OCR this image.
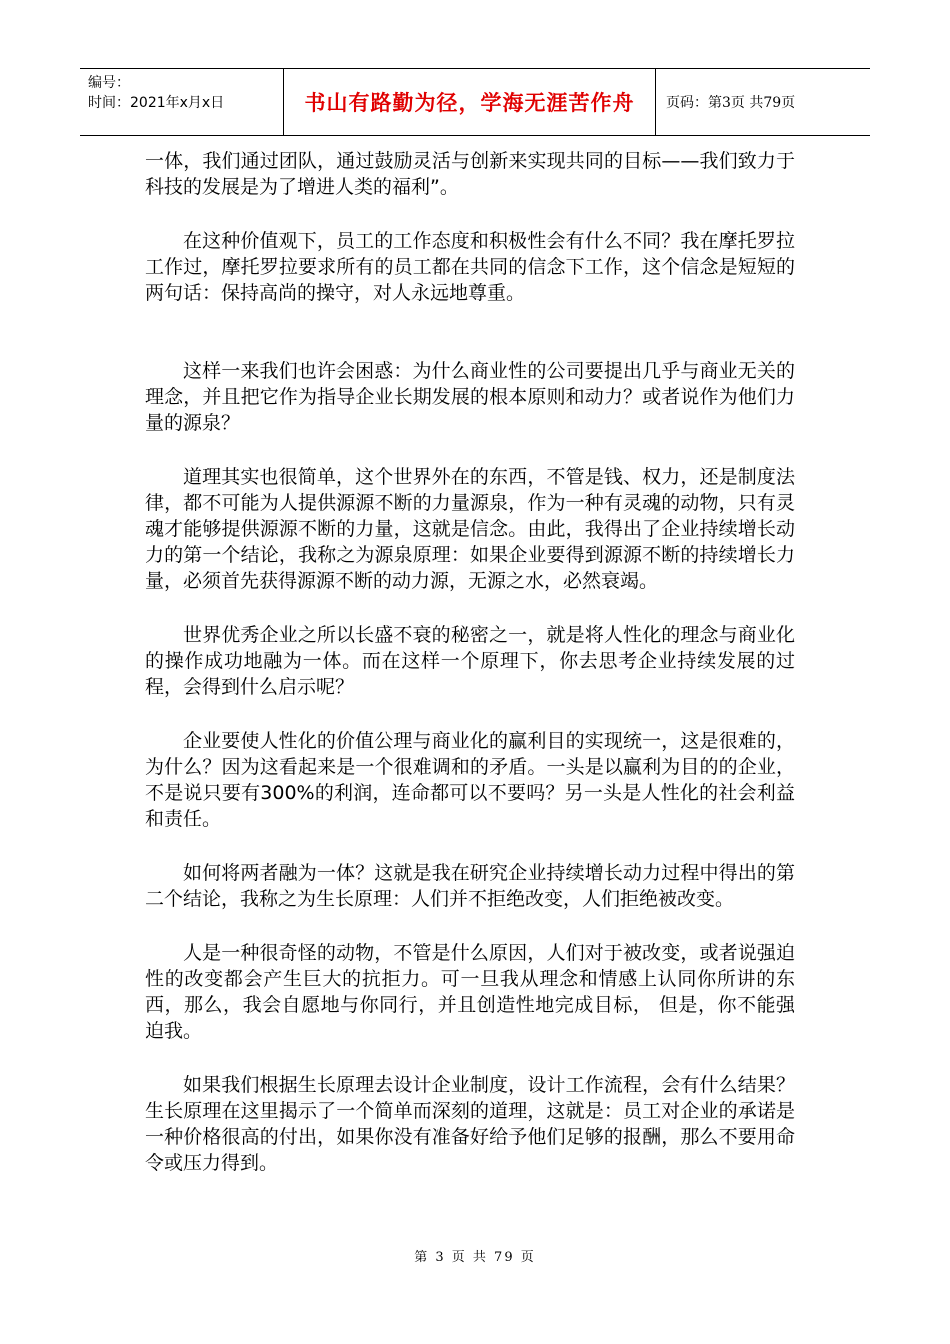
编号：
时间：2021年x月x日	书山有路勤为径，学海无涯苦作舟 页码：第3页 共79页

一体，我们通过团队，通过鼓励灵活与创新来实现共同的目标——我们致力于科技的发展是为了增进人类的福利”。

在这种价值观下，员工的工作态度和积极性会有什么不同？我在摩托罗拉工作过，摩托罗拉要求所有的员工都在共同的信念下工作，这个信念是短短的两句话：保持高尚的操守，对人永远地尊重。

这样一来我们也许会困惑：为什么商业性的公司要提出几乎与商业无关的理念，并且把它作为指导企业长期发展的根本原则和动力？或者说作为他们力量的源泉？

道理其实也很简单，这个世界外在的东西，不管是钱、权力，还是制度法律，都不可能为人提供源源不断的力量源泉，作为一种有灵魂的动物，只有灵魂才能够提供源源不断的力量，这就是信念。由此，我得出了企业持续增长动力的第一个结论，我称之为源泉原理：如果企业要得到源源不断的持续增长力量，必须首先获得源源不断的动力源，无源之水，必然衰竭。

世界优秀企业之所以长盛不衰的秘密之一，就是将人性化的理念与商业化的操作成功地融为一体。而在这样一个原理下，你去思考企业持续发展的过程，会得到什么启示呢？

企业要使人性化的价值公理与商业化的赢利目的实现统一，这是很难的，为什么？因为这看起来是一个很难调和的矛盾。一头是以赢利为目的的企业，不是说只要有300%的利润，连命都可以不要吗？另一头是人性化的社会利益和责任。

如何将两者融为一体？这就是我在研究企业持续增长动力过程中得出的第二个结论，我称之为生长原理：人们并不拒绝改变，人们拒绝被改变。

人是一种很奇怪的动物，不管是什么原因，人们对于被改变，或者说强迫性的改变都会产生巨大的抗拒力。可一旦我从理念和情感上认同你所讲的东西，那么，我会自愿地与你同行，并且创造性地完成目标， 但是，你不能强迫我。

如果我们根据生长原理去设计企业制度，设计工作流程，会有什么结果？生长原理在这里揭示了一个简单而深刻的道理，这就是：员工对企业的承诺是一种价格很高的付出，如果你没有准备好给予他们足够的报酬，那么不要用命令或压力得到。

第 3 页 共 79 页
